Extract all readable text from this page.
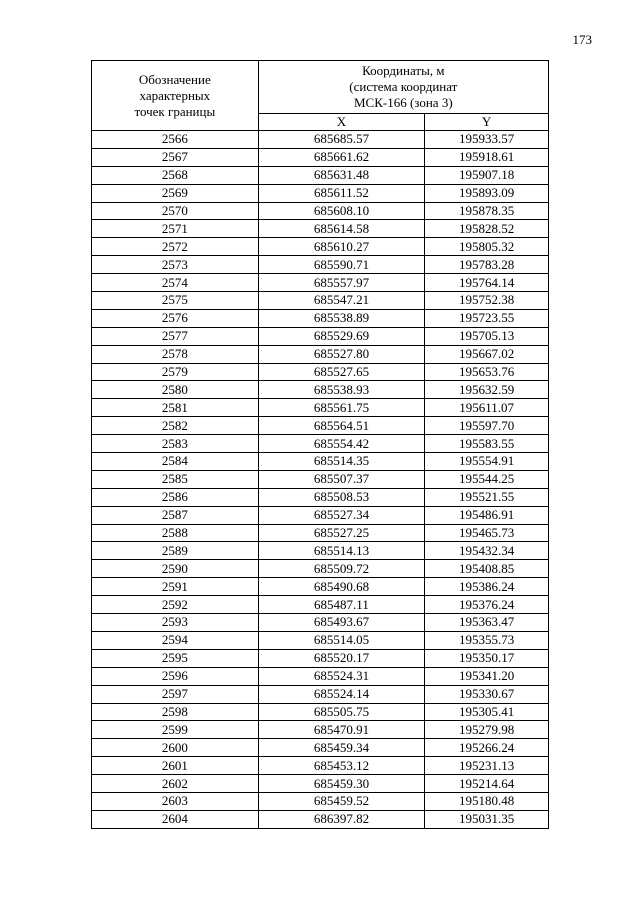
173
Обозначение
характерных
точек границы	Координаты, м
(система координат
МСК-166 (зона 3)	
	X	Y
2566	685685.57	195933.57
2567	685661.62	195918.61
2568	685631.48	195907.18
2569	685611.52	195893.09
2570	685608.10	195878.35
2571	685614.58	195828.52
2572	685610.27	195805.32
2573	685590.71	195783.28
2574	685557.97	195764.14
2575	685547.21	195752.38
2576	685538.89	195723.55
2577	685529.69	195705.13
2578	685527.80	195667.02
2579	685527.65	195653.76
2580	685538.93	195632.59
2581	685561.75	195611.07
2582	685564.51	195597.70
2583	685554.42	195583.55
2584	685514.35	195554.91
2585	685507.37	195544.25
2586	685508.53	195521.55
2587	685527.34	195486.91
2588	685527.25	195465.73
2589	685514.13	195432.34
2590	685509.72	195408.85
2591	685490.68	195386.24
2592	685487.11	195376.24
2593	685493.67	195363.47
2594	685514.05	195355.73
2595	685520.17	195350.17
2596	685524.31	195341.20
2597	685524.14	195330.67
2598	685505.75	195305.41
2599	685470.91	195279.98
2600	685459.34	195266.24
2601	685453.12	195231.13
2602	685459.30	195214.64
2603	685459.52	195180.48
2604	686397.82	195031.35
